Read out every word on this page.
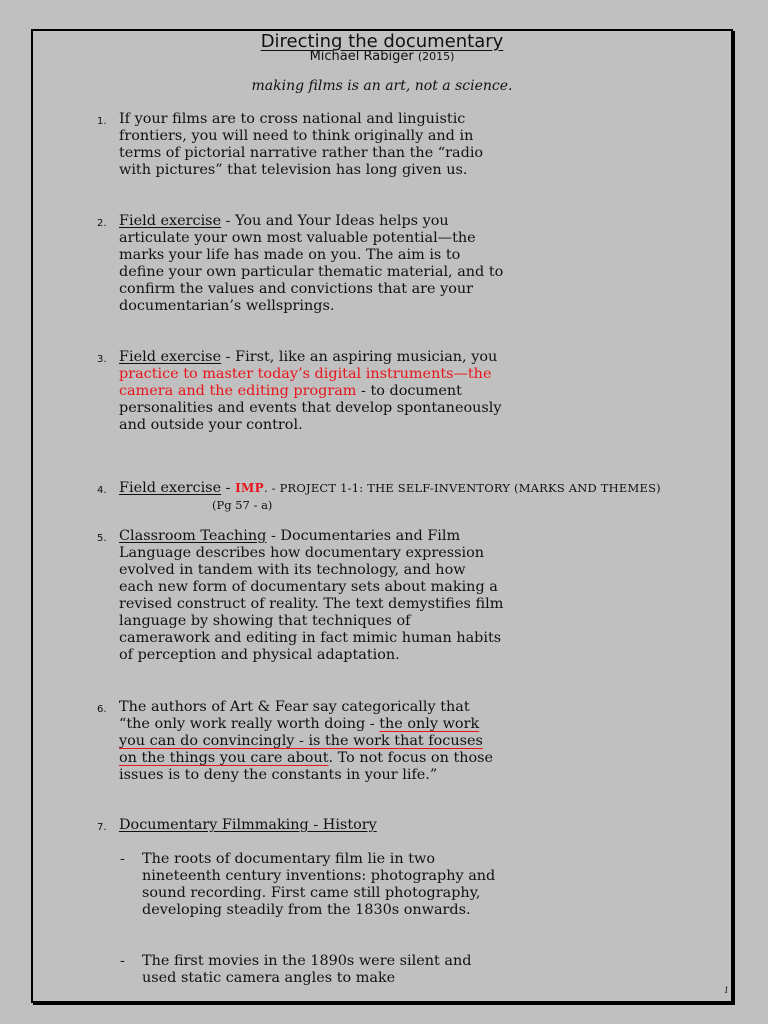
Directing the documentary
Michael Rabiger (2015)
making films is an art, not a science.
1. If your films are to cross national and linguistic frontiers, you will need to think originally and in terms of pictorial narrative rather than the “radio with pictures” that television has long given us.
2. Field exercise - You and Your Ideas helps you articulate your own most valuable potential—the marks your life has made on you. The aim is to define your own particular thematic material, and to confirm the values and convictions that are your documentarian’s wellsprings.
3. Field exercise - First, like an aspiring musician, you practice to master today’s digital instruments—the camera and the editing program - to document personalities and events that develop spontaneously and outside your control.
4. Field exercise - IMP. - PROJECT 1-1: THE SELF-INVENTORY (MARKS AND THEMES)
(Pg 57 - a)
5. Classroom Teaching - Documentaries and Film Language describes how documentary expression evolved in tandem with its technology, and how each new form of documentary sets about making a revised construct of reality. The text demystifies film language by showing that techniques of camerawork and editing in fact mimic human habits of perception and physical adaptation.
6. The authors of Art & Fear say categorically that “the only work really worth doing - the only work you can do convincingly - is the work that focuses on the things you care about. To not focus on those issues is to deny the constants in your life.”
7. Documentary Filmmaking - History
- The roots of documentary film lie in two nineteenth century inventions: photography and sound recording. First came still photography, developing steadily from the 1830s onwards.
- The first movies in the 1890s were silent and used static camera angles to make
1
